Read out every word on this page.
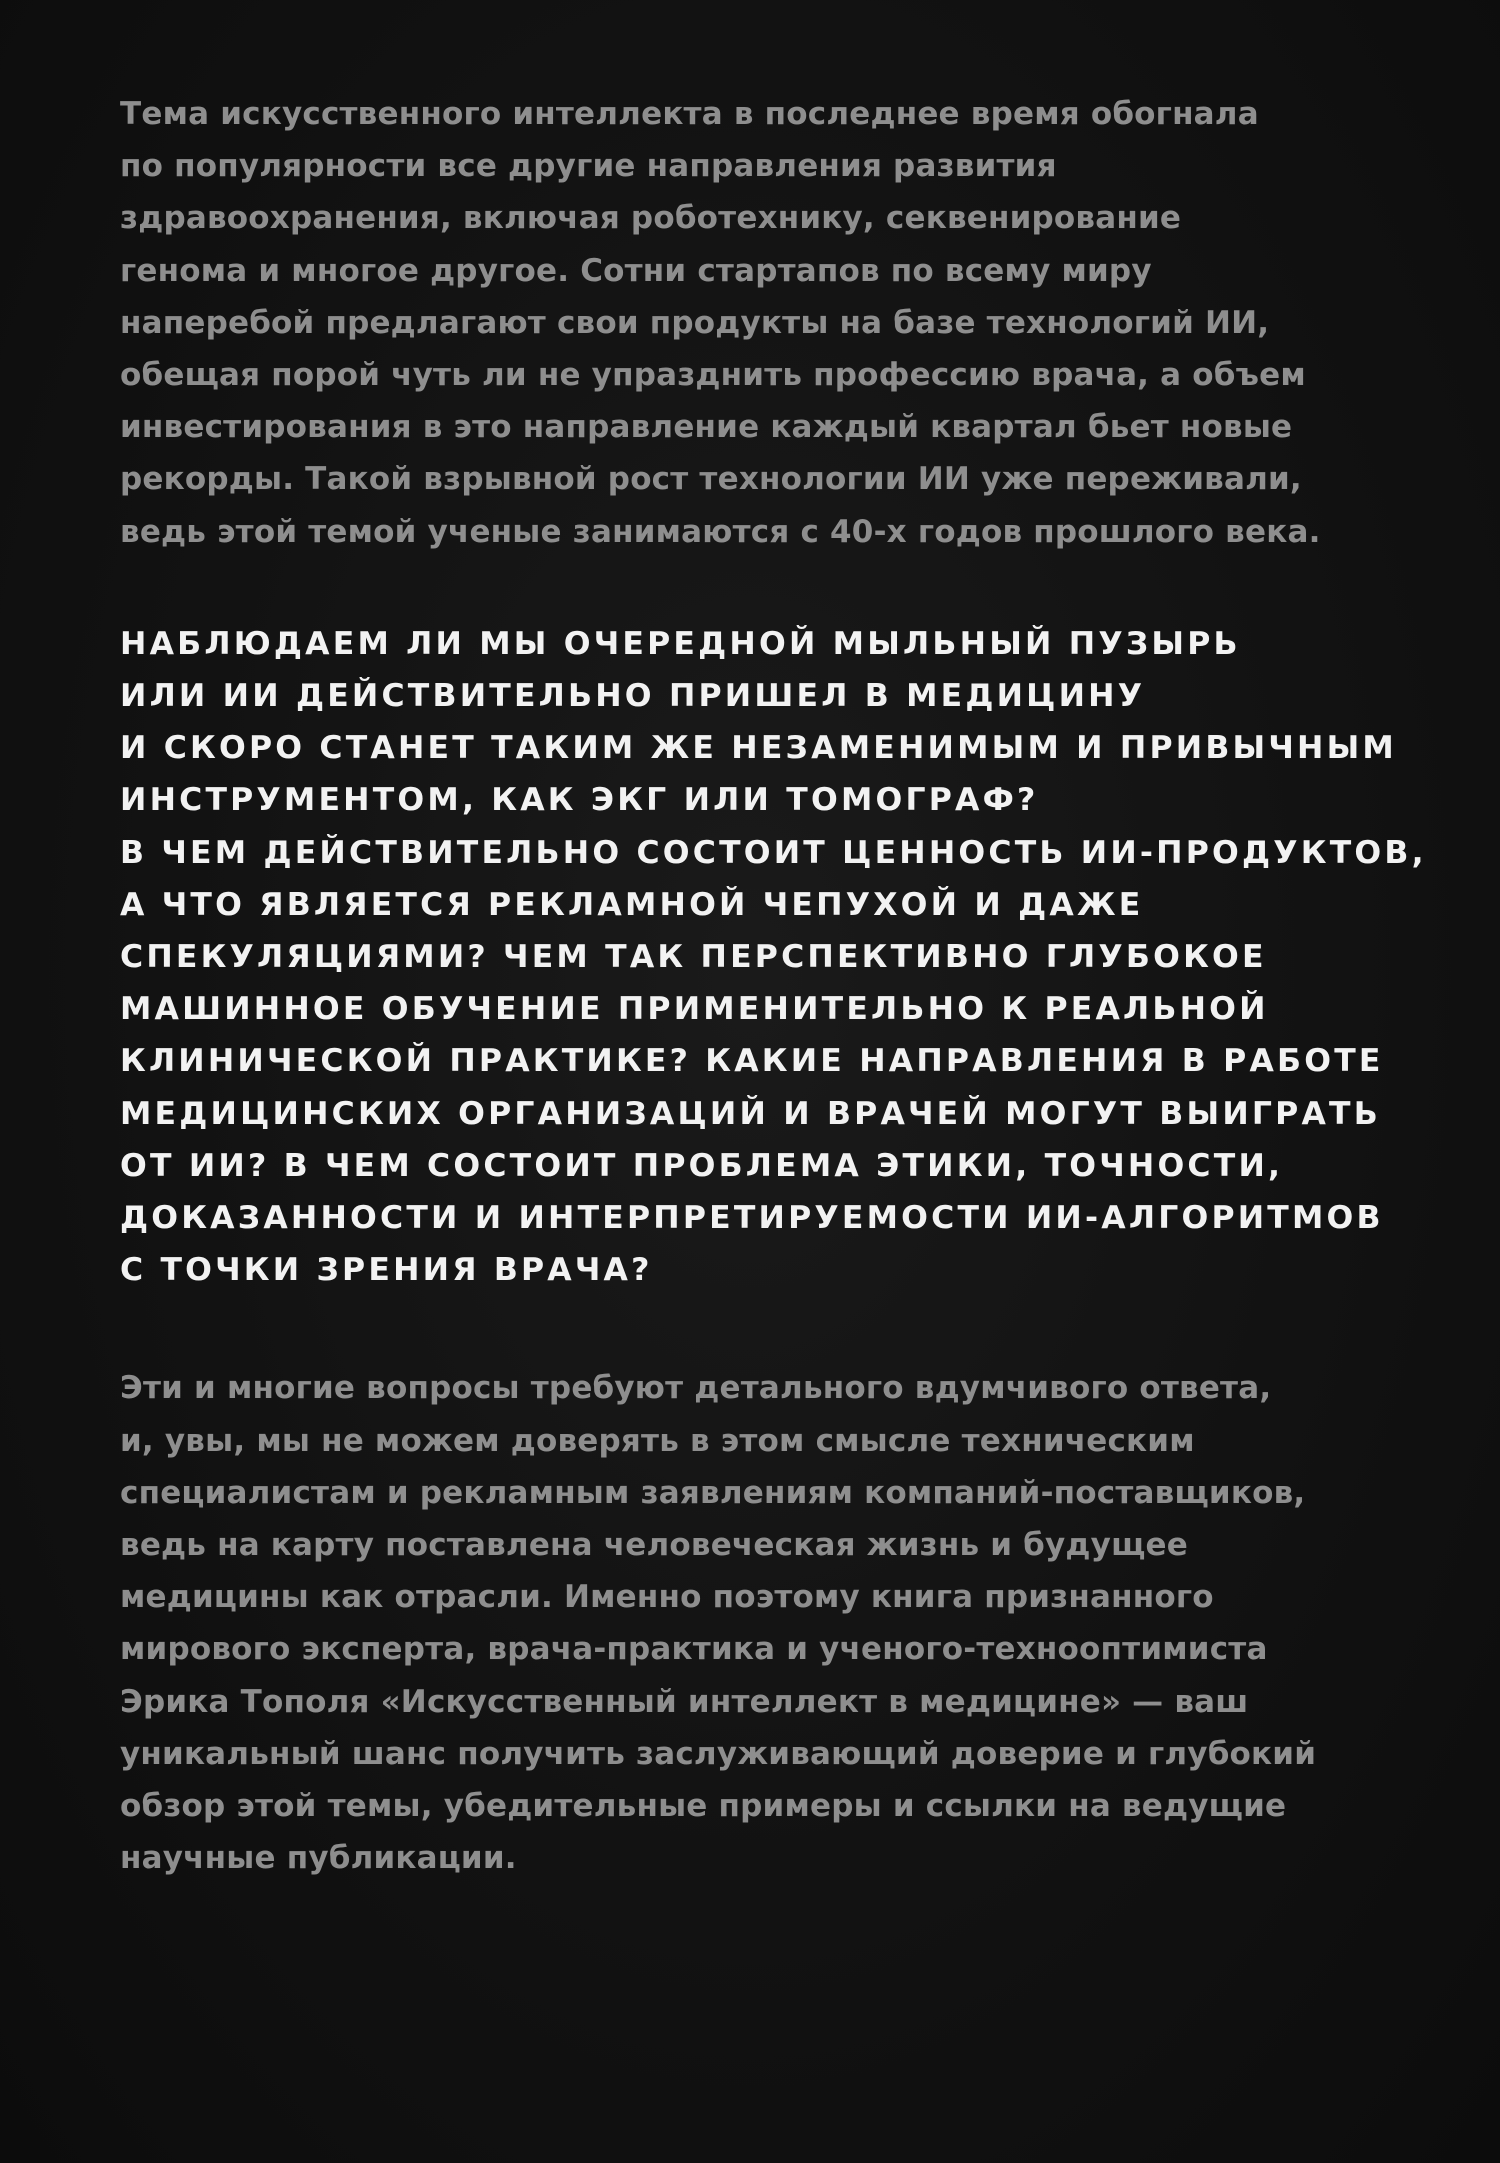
Тема искусственного интеллекта в последнее время обогнала
по популярности все другие направления развития
здравоохранения, включая роботехнику, секвенирование
генома и многое другое. Сотни стартапов по всему миру
наперебой предлагают свои продукты на базе технологий ИИ,
обещая порой чуть ли не упразднить профессию врача, а объем
инвестирования в это направление каждый квартал бьет новые
рекорды. Такой взрывной рост технологии ИИ уже переживали,
ведь этой темой ученые занимаются с 40-х годов прошлого века.

НАБЛЮДАЕМ ЛИ МЫ ОЧЕРЕДНОЙ МЫЛЬНЫЙ ПУЗЫРЬ
ИЛИ ИИ ДЕЙСТВИТЕЛЬНО ПРИШЕЛ В МЕДИЦИНУ
И СКОРО СТАНЕТ ТАКИМ ЖЕ НЕЗАМЕНИМЫМ И ПРИВЫЧНЫМ
ИНСТРУМЕНТОМ, КАК ЭКГ ИЛИ ТОМОГРАФ?
В ЧЕМ ДЕЙСТВИТЕЛЬНО СОСТОИТ ЦЕННОСТЬ ИИ-ПРОДУКТОВ,
А ЧТО ЯВЛЯЕТСЯ РЕКЛАМНОЙ ЧЕПУХОЙ И ДАЖЕ
СПЕКУЛЯЦИЯМИ? ЧЕМ ТАК ПЕРСПЕКТИВНО ГЛУБОКОЕ
МАШИННОЕ ОБУЧЕНИЕ ПРИМЕНИТЕЛЬНО К РЕАЛЬНОЙ
КЛИНИЧЕСКОЙ ПРАКТИКЕ? КАКИЕ НАПРАВЛЕНИЯ В РАБОТЕ
МЕДИЦИНСКИХ ОРГАНИЗАЦИЙ И ВРАЧЕЙ МОГУТ ВЫИГРАТЬ
ОТ ИИ? В ЧЕМ СОСТОИТ ПРОБЛЕМА ЭТИКИ, ТОЧНОСТИ,
ДОКАЗАННОСТИ И ИНТЕРПРЕТИРУЕМОСТИ ИИ-АЛГОРИТМОВ
С ТОЧКИ ЗРЕНИЯ ВРАЧА?

Эти и многие вопросы требуют детального вдумчивого ответа,
и, увы, мы не можем доверять в этом смысле техническим
специалистам и рекламным заявлениям компаний-поставщиков,
ведь на карту поставлена человеческая жизнь и будущее
медицины как отрасли. Именно поэтому книга признанного
мирового эксперта, врача-практика и ученого-технооптимиста
Эрика Тополя «Искусственный интеллект в медицине» — ваш
уникальный шанс получить заслуживающий доверие и глубокий
обзор этой темы, убедительные примеры и ссылки на ведущие
научные публикации.
